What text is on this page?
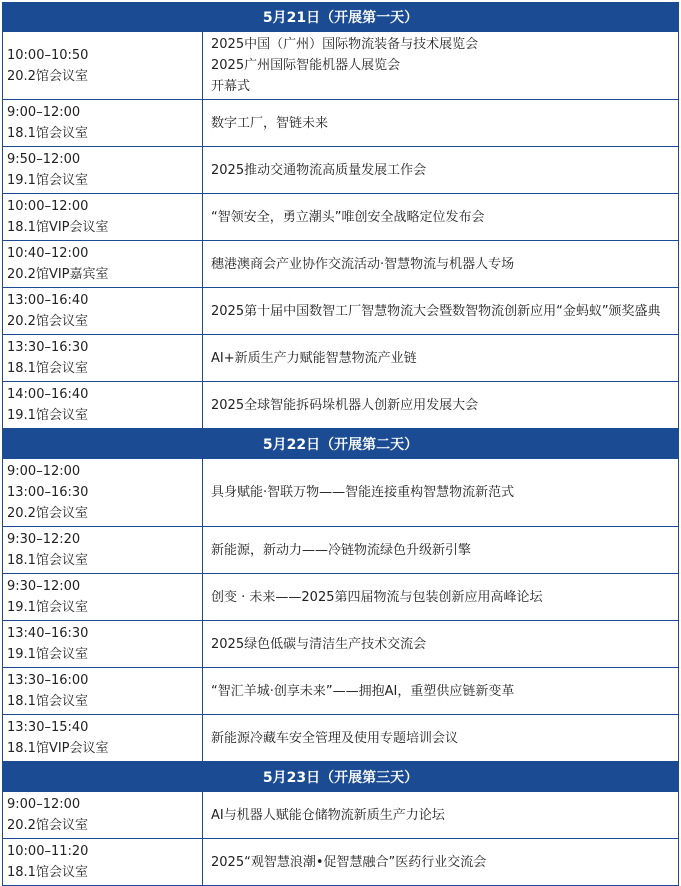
5月21日（开展第一天）
10:00–10:50
20.2馆会议室
2025中国（广州）国际物流装备与技术展览会
2025广州国际智能机器人展览会
开幕式
9:00–12:00
18.1馆会议室
数字工厂，智链未来
9:50–12:00
19.1馆会议室
2025推动交通物流高质量发展工作会
10:00–12:00
18.1馆VIP会议室
“智领安全，勇立潮头”唯创安全战略定位发布会
10:40–12:00
20.2馆VIP嘉宾室
穗港澳商会产业协作交流活动·智慧物流与机器人专场
13:00–16:40
20.2馆会议室
2025第十届中国数智工厂智慧物流大会暨数智物流创新应用“金蚂蚁”颁奖盛典
13:30–16:30
18.1馆会议室
AI+新质生产力赋能智慧物流产业链
14:00–16:40
19.1馆会议室
2025全球智能拆码垛机器人创新应用发展大会
5月22日（开展第二天）
9:00–12:00
13:00–16:30
20.2馆会议室
具身赋能·智联万物——智能连接重构智慧物流新范式
9:30–12:20
18.1馆会议室
新能源，新动力——冷链物流绿色升级新引擎
9:30–12:00
19.1馆会议室
创变 · 未来——2025第四届物流与包装创新应用高峰论坛
13:40–16:30
19.1馆会议室
2025绿色低碳与清洁生产技术交流会
13:30–16:00
18.1馆会议室
“智汇羊城·创享未来”——拥抱AI，重塑供应链新变革
13:30–15:40
18.1馆VIP会议室
新能源冷藏车安全管理及使用专题培训会议
5月23日（开展第三天）
9:00–12:00
20.2馆会议室
AI与机器人赋能仓储物流新质生产力论坛
10:00–11:20
18.1馆会议室
2025“观智慧浪潮•促智慧融合”医药行业交流会
